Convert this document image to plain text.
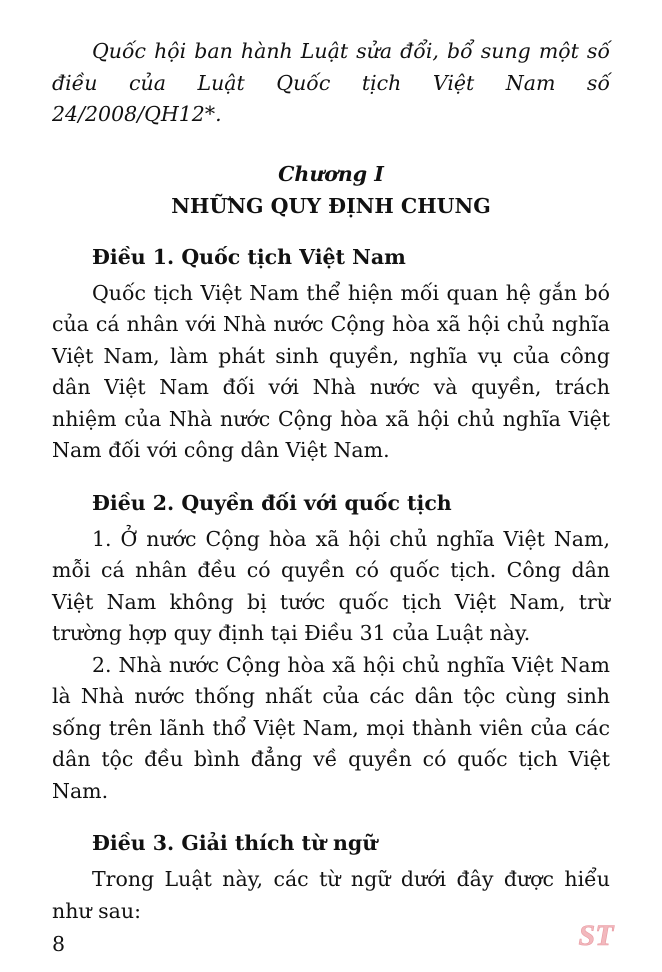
Quốc hội ban hành Luật sửa đổi, bổ sung một số điều của Luật Quốc tịch Việt Nam số 24/2008/QH12*.

Chương I
NHỮNG QUY ĐỊNH CHUNG
Điều 1. Quốc tịch Việt Nam

Quốc tịch Việt Nam thể hiện mối quan hệ gắn bó của cá nhân với Nhà nước Cộng hòa xã hội chủ nghĩa Việt Nam, làm phát sinh quyền, nghĩa vụ của công dân Việt Nam đối với Nhà nước và quyền, trách nhiệm của Nhà nước Cộng hòa xã hội chủ nghĩa Việt Nam đối với công dân Việt Nam.

Điều 2. Quyền đối với quốc tịch

1. Ở nước Cộng hòa xã hội chủ nghĩa Việt Nam, mỗi cá nhân đều có quyền có quốc tịch. Công dân Việt Nam không bị tước quốc tịch Việt Nam, trừ trường hợp quy định tại Điều 31 của Luật này.

2. Nhà nước Cộng hòa xã hội chủ nghĩa Việt Nam là Nhà nước thống nhất của các dân tộc cùng sinh sống trên lãnh thổ Việt Nam, mọi thành viên của các dân tộc đều bình đẳng về quyền có quốc tịch Việt Nam.

Điều 3. Giải thích từ ngữ

Trong Luật này, các từ ngữ dưới đây được hiểu như sau:

8	ST
